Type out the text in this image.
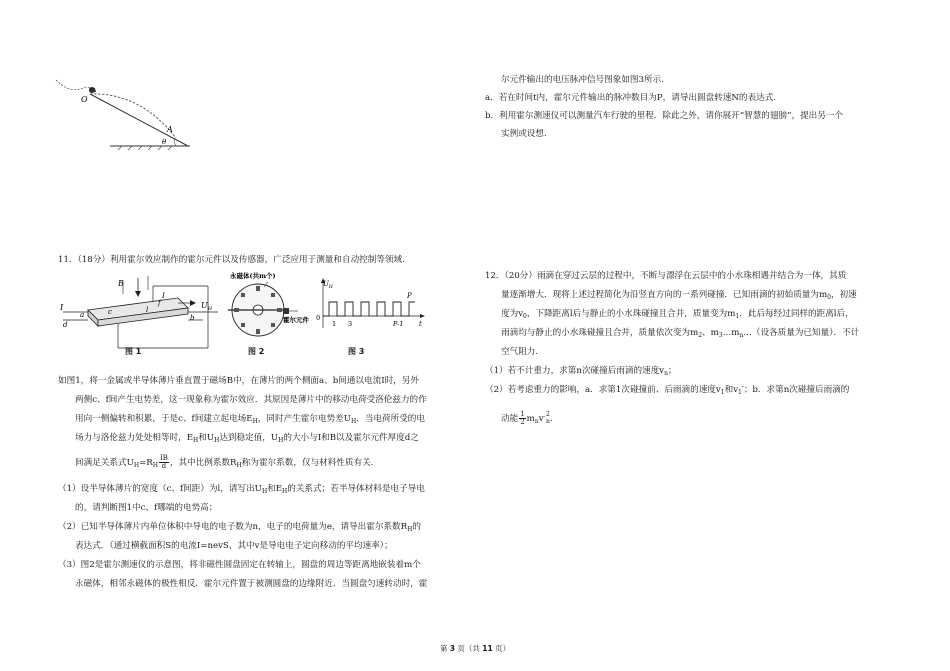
O
A
θ
11．（18分）利用霍尔效应制作的霍尔元件以及传感器，广泛应用于测量和自动控制等领域.
B
I
a	c
d
l
f
b
I
$U_H$
图 1
永磁体(共m个)
霍尔元件
图 2
$U_H$
t
0
1 3
P
P-1
图 3
如图1，将一金属或半导体薄片垂直置于磁场B中，在薄片的两个侧面a、b间通以电流I时，另外
两侧c、f间产生电势差，这一现象称为霍尔效应．其原因是薄片中的移动电荷受洛伦兹力的作
用向一侧偏转和积累，于是c、f间建立起电场$E_H$，同时产生霍尔电势差$U_H$．当电荷所受的电
场力与洛伦兹力处处相等时，$E_H$和$U_H$达到稳定值，$U_H$的大小与I和B以及霍尔元件厚度d之
间满足关系式$U_H=R_H \frac{IB}{d}$ ，其中比例系数$R_H$称为霍尔系数，仅与材料性质有关.
（1）设半导体薄片的宽度（c、f间距）为l，请写出$U_H$和$E_H$的关系式；若半导体材料是电子导电
的，请判断图1中c、f哪端的电势高；
（2）已知半导体薄片内单位体积中导电的电子数为n，电子的电荷量为e，请导出霍尔系数$R_H$的
表达式．（通过横截面积S的电流I=nevS，其中v是导电电子定向移动的平均速率）；
（3）图2是霍尔测速仪的示意图，将非磁性圆盘固定在转轴上，圆盘的周边等距离地嵌装着m个
永磁体，相邻永磁体的极性相反．霍尔元件置于被测圆盘的边缘附近．当圆盘匀速转动时，霍
尔元件输出的电压脉冲信号图象如图3所示.
a．若在时间t内，霍尔元件输出的脉冲数目为P，请导出圆盘转速N的表达式.
b．利用霍尔测速仪可以测量汽车行驶的里程．除此之外，请你展开“智慧的翅膀”，提出另一个
实例或设想.
12．（20分）雨滴在穿过云层的过程中，不断与漂浮在云层中的小水珠相遇并结合为一体，其质
量逐渐增大．现将上述过程简化为沿竖直方向的一系列碰撞．已知雨滴的初始质量为$m_0$，初速
度为$v_0$，下降距离l后与静止的小水珠碰撞且合并，质量变为$m_1$．此后每经过同样的距离l后，
雨滴均与静止的小水珠碰撞且合并，质量依次变为$m_2$、$m_3\dots m_n\dots$（设各质量为已知量）．不计
空气阻力.
（1）若不计重力，求第n次碰撞后雨滴的速度$v_n$；
（2）若考虑重力的影响，a．求第1次碰撞前、后雨滴的速度$v_1$和$v_1'$；b．求第n次碰撞后雨滴的
动能 $\frac{1}{2} m_nv'$
2
n .
第 3 页（共 11 页）
